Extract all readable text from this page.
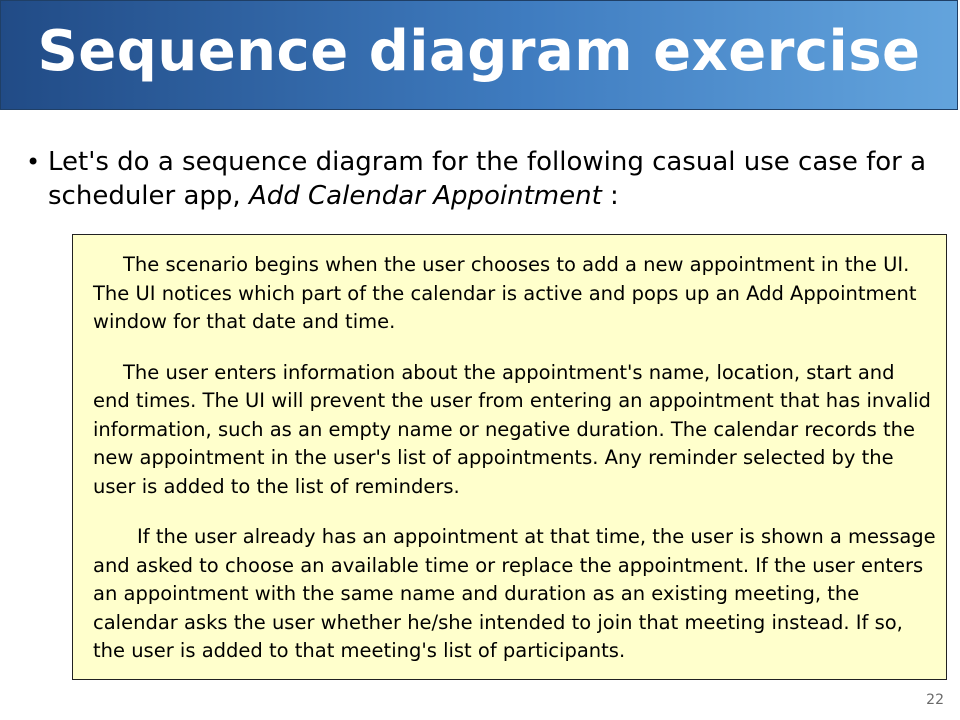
Sequence diagram exercise
• Let's do a sequence diagram for the following casual use case for a scheduler app, Add Calendar Appointment :

The scenario begins when the user chooses to add a new appointment in the UI. The UI notices which part of the calendar is active and pops up an Add Appointment window for that date and time.

The user enters information about the appointment's name, location, start and end times. The UI will prevent the user from entering an appointment that has invalid information, such as an empty name or negative duration. The calendar records the new appointment in the user's list of appointments. Any reminder selected by the user is added to the list of reminders.

If the user already has an appointment at that time, the user is shown a message and asked to choose an available time or replace the appointment. If the user enters an appointment with the same name and duration as an existing meeting, the calendar asks the user whether he/she intended to join that meeting instead. If so, the user is added to that meeting's list of participants.

22
